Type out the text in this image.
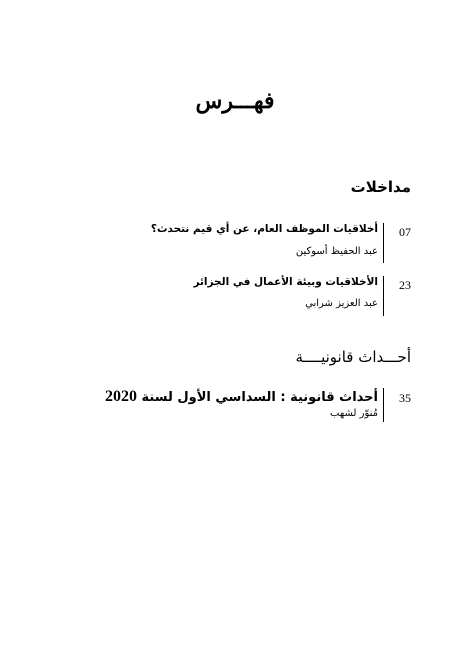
فهـــرس
مداخلات
07
أخلاقيات الموظف العام، عن أي قيم نتحدث؟
عبد الحفيظ أسوكين
23
الأخلاقيات وبيئة الأعمال في الجزائر
عبد العزيز شرابي
أحـــداث قانونيــــة
35
أحداث قانونية : السداسي الأول لسنة 2020
مُنوّر لشهب
